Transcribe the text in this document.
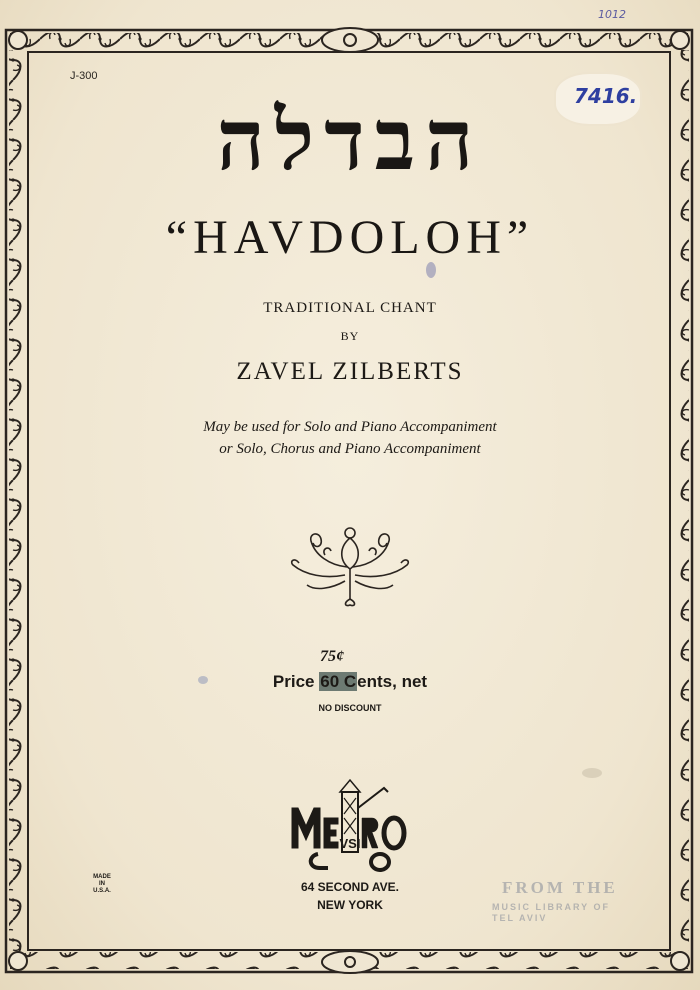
1012
J-300
7416.
הבדלה
“HAVDOLOH”
TRADITIONAL CHANT
BY
ZAVEL ZILBERTS
May be used for Solo and Piano Accompaniment
or Solo, Chorus and Piano Accompaniment
75¢
Price 60 Cents, net
NO DISCOUNT
VSI
64 SECOND AVE.
NEW YORK
MADE
IN
U.S.A.	FROM THE
MUSIC LIBRARY OF
TEL AVIV
